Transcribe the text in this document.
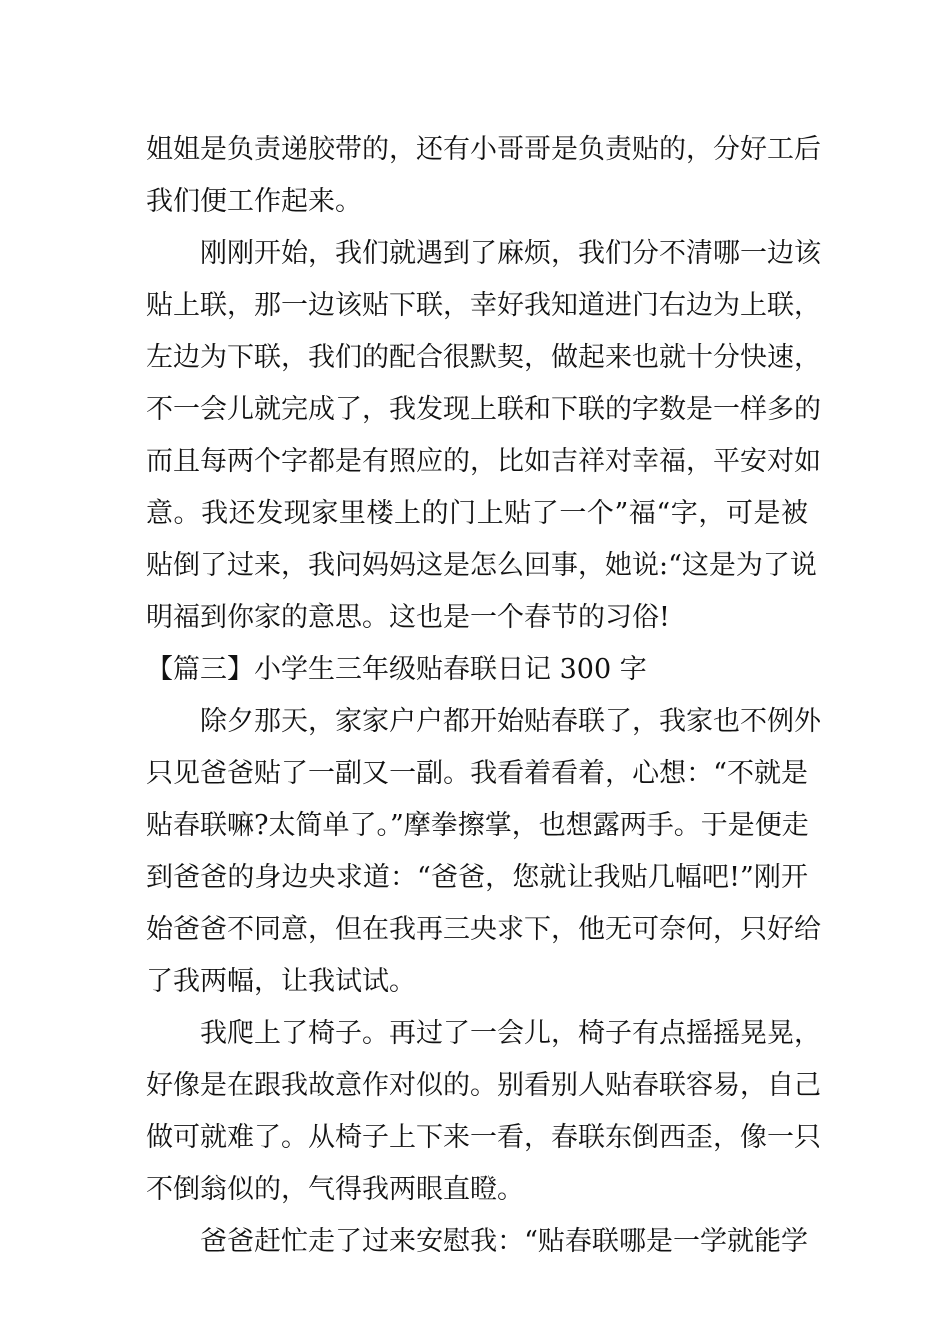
姐姐是负责递胶带的，还有小哥哥是负责贴的，分好工后
我们便工作起来。
刚刚开始，我们就遇到了麻烦，我们分不清哪一边该
贴上联，那一边该贴下联，幸好我知道进门右边为上联，
左边为下联，我们的配合很默契，做起来也就十分快速，
不一会儿就完成了，我发现上联和下联的字数是一样多的
而且每两个字都是有照应的，比如吉祥对幸福，平安对如
意。我还发现家里楼上的门上贴了一个”福“字，可是被
贴倒了过来，我问妈妈这是怎么回事，她说:“这是为了说
明福到你家的意思。这也是一个春节的习俗!
【篇三】小学生三年级贴春联日记 300 字
除夕那天，家家户户都开始贴春联了，我家也不例外
只见爸爸贴了一副又一副。我看着看着，心想：“不就是
贴春联嘛?太简单了。”摩拳擦掌，也想露两手。于是便走
到爸爸的身边央求道：“爸爸，您就让我贴几幅吧!”刚开
始爸爸不同意，但在我再三央求下，他无可奈何，只好给
了我两幅，让我试试。
我爬上了椅子。再过了一会儿，椅子有点摇摇晃晃，
好像是在跟我故意作对似的。别看别人贴春联容易，自己
做可就难了。从椅子上下来一看，春联东倒西歪，像一只
不倒翁似的，气得我两眼直瞪。
爸爸赶忙走了过来安慰我：“贴春联哪是一学就能学
